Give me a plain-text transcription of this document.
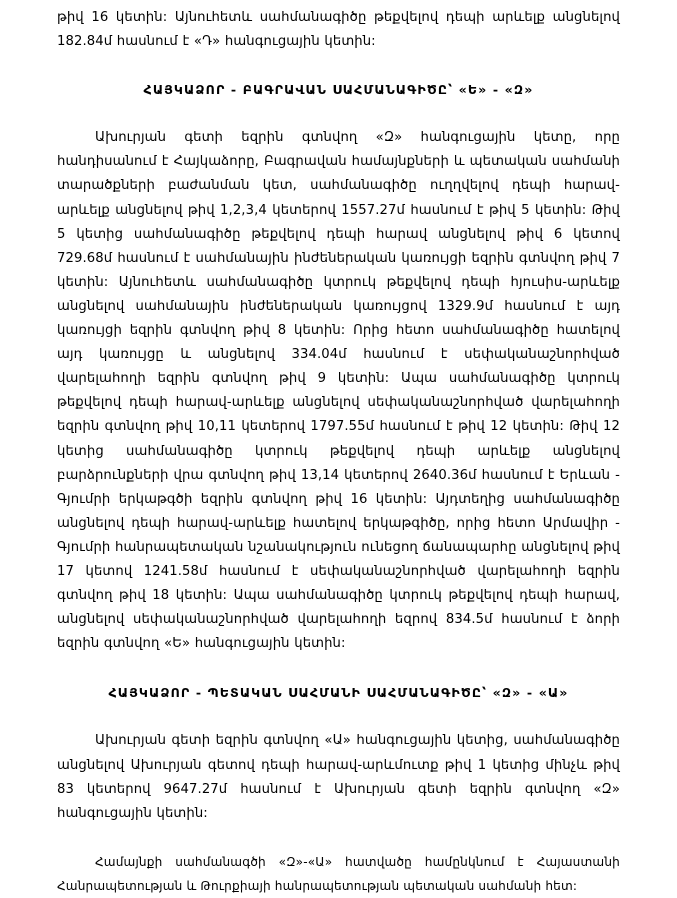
թիվ 16 կետին: Այնուհետև սահմանագիծը թեքվելով դեպի արևելք անցնելով 182.84մ հասնում է «Դ» հանգուցային կետին:

ՀԱՅԿԱՁՈՐ - ԲԱԳՐԱՎԱՆ ՍԱՀՄԱՆԱԳԻԾԸ՝ «Ե» - «Զ»

Ախուրյան գետի եզրին գտնվող «Զ» հանգուցային կետը, որը հանդիսանում է Հայկաձորը, Բագրավան համայնքների և պետական սահմանի տարածքների բաժանման կետ, սահմանագիծը ուղղվելով դեպի հարավ-արևելք անցնելով թիվ 1,2,3,4 կետերով 1557.27մ հասնում է թիվ 5 կետին: Թիվ 5 կետից սահմանագիծը թեքվելով դեպի հարավ անցնելով թիվ 6 կետով 729.68մ հասնում է սահմանային ինժեներական կառույցի եզրին գտնվող թիվ 7 կետին: Այնուհետև սահմանագիծը կտրուկ թեքվելով դեպի հյուսիս-արևելք անցնելով սահմանային ինժեներական կառույցով 1329.9մ հասնում է այդ կառույցի եզրին գտնվող թիվ 8 կետին: Որից հետո սահմանագիծը հատելով այդ կառույցը և անցնելով 334.04մ հասնում է սեփականաշնորհված վարելահողի եզրին գտնվող թիվ 9 կետին: Ապա սահմանագիծը կտրուկ թեքվելով դեպի հարավ-արևելք անցնելով սեփականաշնորհված վարելահողի եզրին գտնվող թիվ 10,11 կետերով 1797.55մ հասնում է թիվ 12 կետին: Թիվ 12 կետից սահմանագիծը կտրուկ թեքվելով դեպի արևելք անցնելով բարձրունքների վրա գտնվող թիվ 13,14 կետերով 2640.36մ հասնում է Երևան - Գյումրի երկաթգծի եզրին գտնվող թիվ 16 կետին: Այդտեղից սահմանագիծը անցնելով դեպի հարավ-արևելք հատելով երկաթգիծը, որից հետո Արմավիր - Գյումրի հանրապետական նշանակություն ունեցող ճանապարհը անցնելով թիվ 17 կետով 1241.58մ հասնում է սեփականաշնորհված վարելահողի եզրին գտնվող թիվ 18 կետին: Ապա սահմանագիծը կտրուկ թեքվելով դեպի հարավ, անցնելով սեփականաշնորհված վարելահողի եզրով 834.5մ հասնում է ձորի եզրին գտնվող «Ե» հանգուցային կետին:

ՀԱՅԿԱՁՈՐ - ՊԵՏԱԿԱՆ ՍԱՀՄԱՆԻ ՍԱՀՄԱՆԱԳԻԾԸ՝ «Զ» - «Ա»

Ախուրյան գետի եզրին գտնվող «Ա» հանգուցային կետից, սահմանագիծը անցնելով Ախուրյան գետով դեպի հարավ-արևմուտք թիվ 1 կետից մինչև թիվ 83 կետերով 9647.27մ հասնում է Ախուրյան գետի եզրին գտնվող «Զ» հանգուցային կետին:

Համայնքի սահմանագծի «Զ»-«Ա» հատվածը համընկնում է Հայաստանի Հանրապետության և Թուրքիայի հանրապետության պետական սահմանի հետ:
